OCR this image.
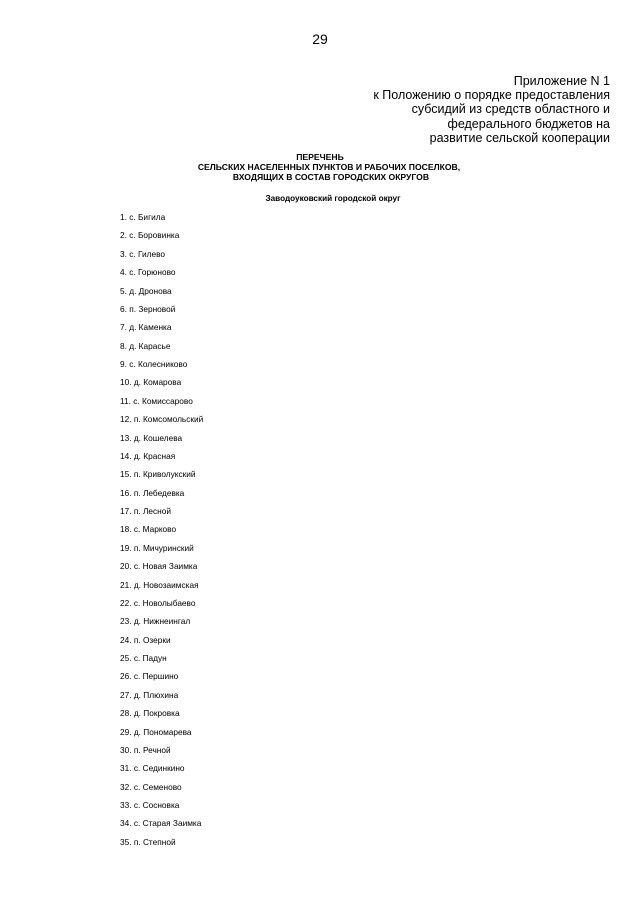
29
Приложение N 1
к Положению о порядке предоставления
субсидий из средств областного и
федерального бюджетов на
развитие сельской кооперации
ПЕРЕЧЕНЬ
СЕЛЬСКИХ НАСЕЛЕННЫХ ПУНКТОВ И РАБОЧИХ ПОСЕЛКОВ,
ВХОДЯЩИХ В СОСТАВ ГОРОДСКИХ ОКРУГОВ
Заводоуковский городской округ
1. с. Бигила
2. с. Боровинка
3. с. Гилево
4. с. Горюново
5. д. Дронова
6. п. Зерновой
7. д. Каменка
8. д. Карасье
9. с. Колесниково
10. д. Комарова
11. с. Комиссарово
12. п. Комсомольский
13. д. Кошелева
14. д. Красная
15. п. Криволукский
16. п. Лебедевка
17. п. Лесной
18. с. Марково
19. п. Мичуринский
20. с. Новая Заимка
21. д. Новозаимская
22. с. Новолыбаево
23. д. Нижнеингал
24. п. Озерки
25. с. Падун
26. с. Першино
27. д. Плюхина
28. д. Покровка
29. д. Пономарева
30. п. Речной
31. с. Сединкино
32. с. Семеново
33. с. Сосновка
34. с. Старая Заимка
35. п. Степной
